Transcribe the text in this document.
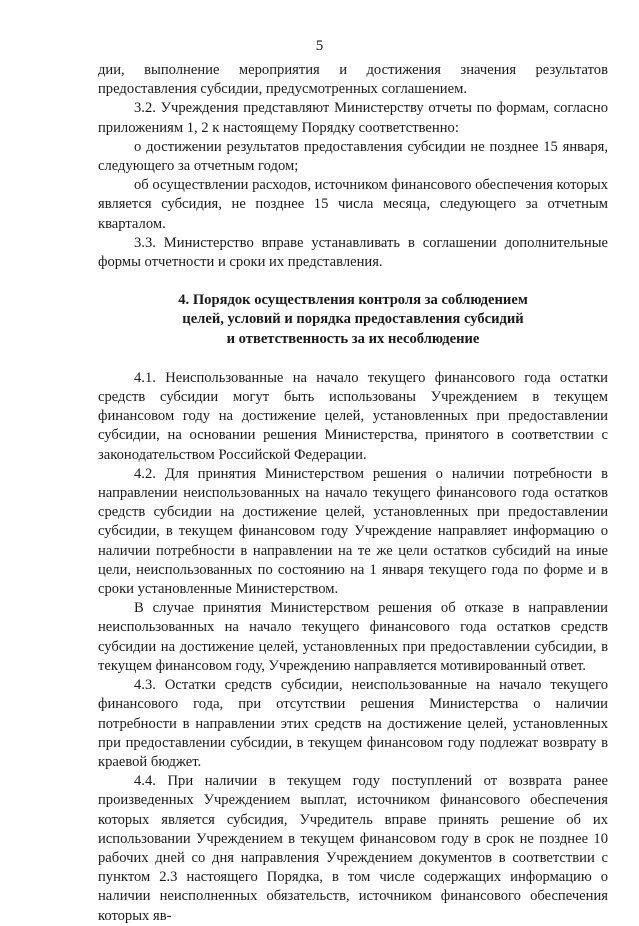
5

дии, выполнение мероприятия и достижения значения результатов предоставления субсидии, предусмотренных соглашением.

3.2. Учреждения представляют Министерству отчеты по формам, согласно приложениям 1, 2 к настоящему Порядку соответственно:

о достижении результатов предоставления субсидии не позднее 15 января, следующего за отчетным годом;

об осуществлении расходов, источником финансового обеспечения которых является субсидия, не позднее 15 числа месяца, следующего за отчетным кварталом.

3.3. Министерство вправе устанавливать в соглашении дополнительные формы отчетности и сроки их представления.

4. Порядок осуществления контроля за соблюдением
целей, условий и порядка предоставления субсидий
и ответственность за их несоблюдение

4.1. Неиспользованные на начало текущего финансового года остатки средств субсидии могут быть использованы Учреждением в текущем финансовом году на достижение целей, установленных при предоставлении субсидии, на основании решения Министерства, принятого в соответствии с законодательством Российской Федерации.

4.2. Для принятия Министерством решения о наличии потребности в направлении неиспользованных на начало текущего финансового года остатков средств субсидии на достижение целей, установленных при предоставлении субсидии, в текущем финансовом году Учреждение направляет информацию о наличии потребности в направлении на те же цели остатков субсидий на иные цели, неиспользованных по состоянию на 1 января текущего года по форме и в сроки установленные Министерством.

В случае принятия Министерством решения об отказе в направлении неиспользованных на начало текущего финансового года остатков средств субсидии на достижение целей, установленных при предоставлении субсидии, в текущем финансовом году, Учреждению направляется мотивированный ответ.

4.3. Остатки средств субсидии, неиспользованные на начало текущего финансового года, при отсутствии решения Министерства о наличии потребности в направлении этих средств на достижение целей, установленных при предоставлении субсидии, в текущем финансовом году подлежат возврату в краевой бюджет.

4.4. При наличии в текущем году поступлений от возврата ранее произведенных Учреждением выплат, источником финансового обеспечения которых является субсидия, Учредитель вправе принять решение об их использовании Учреждением в текущем финансовом году в срок не позднее 10 рабочих дней со дня направления Учреждением документов в соответствии с пунктом 2.3 настоящего Порядка, в том числе содержащих информацию о наличии неисполненных обязательств, источником финансового обеспечения которых яв-
